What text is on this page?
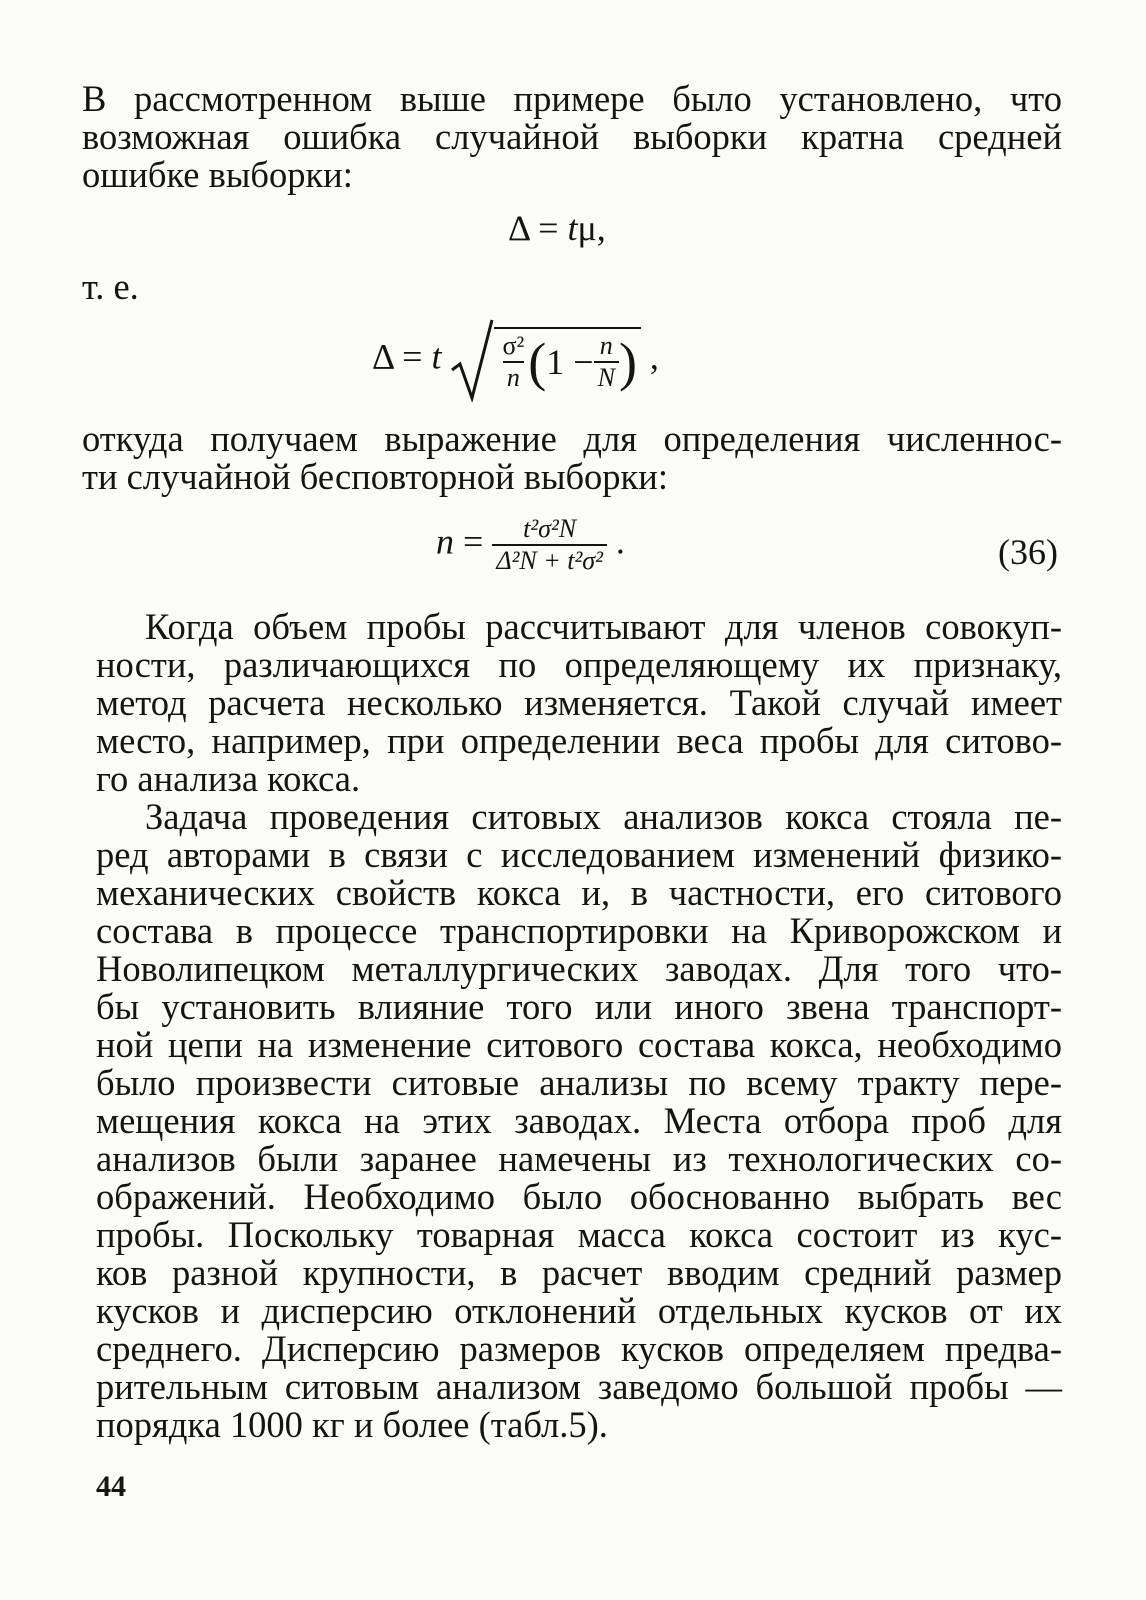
В рассмотренном выше примере было установлено, что
возможная ошибка случайной выборки кратна средней
ошибке выборки:
Δ = tμ,
т. е.
Δ = t $\frac{\text{σ²}}{n}$ ( $1 - \frac{n}{N}$ ) ,
откуда получаем выражение для определения численнос-
ти случайной бесповторной выборки:
$n = \frac{\text{t²σ²N}}{\text{Δ²N + t²σ²}}$ .	(36)
Когда объем пробы рассчитывают для членов совокуп-
ности, различающихся по определяющему их признаку,
метод расчета несколько изменяется. Такой случай имеет
место, например, при определении веса пробы для ситово-
го анализа кокса.
Задача проведения ситовых анализов кокса стояла пе-
ред авторами в связи с исследованием изменений физико-
механических свойств кокса и, в частности, его ситового
состава в процессе транспортировки на Криворожском и
Новолипецком металлургических заводах. Для того что-
бы установить влияние того или иного звена транспорт-
ной цепи на изменение ситового состава кокса, необходимо
было произвести ситовые анализы по всему тракту пере-
мещения кокса на этих заводах. Места отбора проб для
анализов были заранее намечены из технологических со-
ображений. Необходимо было обоснованно выбрать вес
пробы. Поскольку товарная масса кокса состоит из кус-
ков разной крупности, в расчет вводим средний размер
кусков и дисперсию отклонений отдельных кусков от их
среднего. Дисперсию размеров кусков определяем предва-
рительным ситовым анализом заведомо большой пробы —
порядка 1000 кг и более (табл.5).
44
